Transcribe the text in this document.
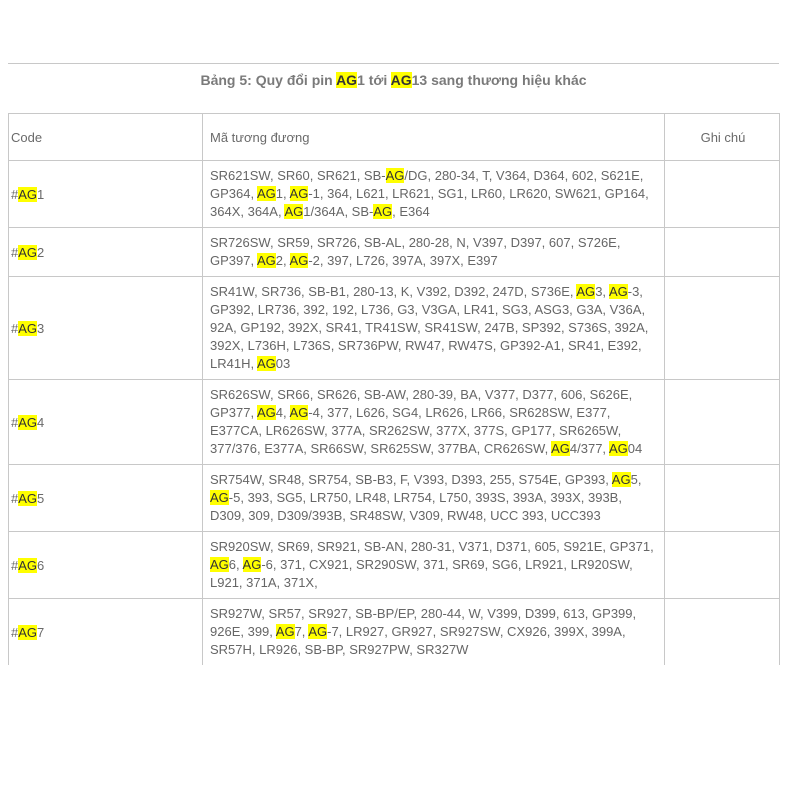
Bảng 5: Quy đổi pin AG1 tới AG13 sang thương hiệu khác
Code	Mã tương đương	Ghi chú
#AG1	SR621SW, SR60, SR621, SB-AG/DG, 280-34, T, V364, D364, 602, S621E, GP364, AG1, AG-1, 364, L621, LR621, SG1, LR60, LR620, SW621, GP164, 364X, 364A, AG1/364A, SB-AG, E364	
#AG2	SR726SW, SR59, SR726, SB-AL, 280-28, N, V397, D397, 607, S726E, GP397, AG2, AG-2, 397, L726, 397A, 397X, E397	
#AG3	SR41W, SR736, SB-B1, 280-13, K, V392, D392, 247D, S736E, AG3, AG-3, GP392, LR736, 392, 192, L736, G3, V3GA, LR41, SG3, ASG3, G3A, V36A, 92A, GP192, 392X, SR41, TR41SW, SR41SW, 247B, SP392, S736S, 392A, 392X, L736H, L736S, SR736PW, RW47, RW47S, GP392-A1, SR41, E392, LR41H, AG03	
#AG4	SR626SW, SR66, SR626, SB-AW, 280-39, BA, V377, D377, 606, S626E, GP377, AG4, AG-4, 377, L626, SG4, LR626, LR66, SR628SW, E377, E377CA, LR626SW, 377A, SR262SW, 377X, 377S, GP177, SR6265W, 377/376, E377A, SR66SW, SR625SW, 377BA, CR626SW, AG4/377, AG04	
#AG5	SR754W, SR48, SR754, SB-B3, F, V393, D393, 255, S754E, GP393, AG5, AG-5, 393, SG5, LR750, LR48, LR754, L750, 393S, 393A, 393X, 393B, D309, 309, D309/393B, SR48SW, V309, RW48, UCC 393, UCC393	
#AG6	SR920SW, SR69, SR921, SB-AN, 280-31, V371, D371, 605, S921E, GP371, AG6, AG-6, 371, CX921, SR290SW, 371, SR69, SG6, LR921, LR920SW, L921, 371A, 371X,	
#AG7	SR927W, SR57, SR927, SB-BP/EP, 280-44, W, V399, D399, 613, GP399, 926E, 399, AG7, AG-7, LR927, GR927, SR927SW, CX926, 399X, 399A, SR57H, LR926, SB-BP, SR927PW, SR327W	
